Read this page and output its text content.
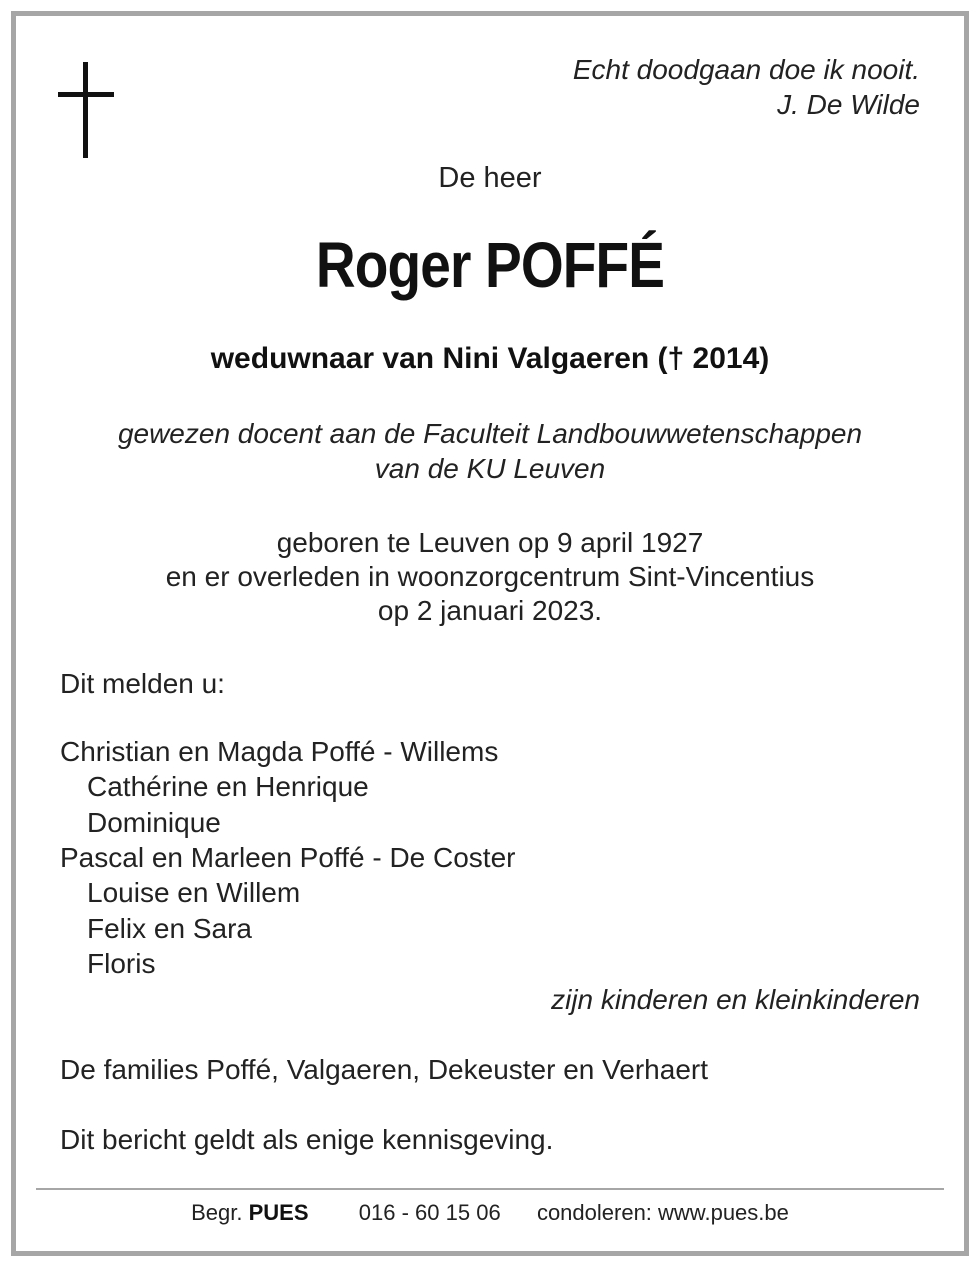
Echt doodgaan doe ik nooit.
J. De Wilde
De heer
Roger POFFÉ
weduwnaar van Nini Valgaeren († 2014)
gewezen docent aan de Faculteit Landbouwwetenschappen
van de KU Leuven
geboren te Leuven op 9 april 1927
en er overleden in woonzorgcentrum Sint-Vincentius
op 2 januari 2023.
Dit melden u:
Christian en Magda Poffé - Willems
Cathérine en Henrique
Dominique
Pascal en Marleen Poffé - De Coster
Louise en Willem
Felix en Sara
Floris
zijn kinderen en kleinkinderen
De families Poffé, Valgaeren, Dekeuster en Verhaert
Dit bericht geldt als enige kennisgeving.
Begr. PUES 016 - 60 15 06 condoleren: www.pues.be
